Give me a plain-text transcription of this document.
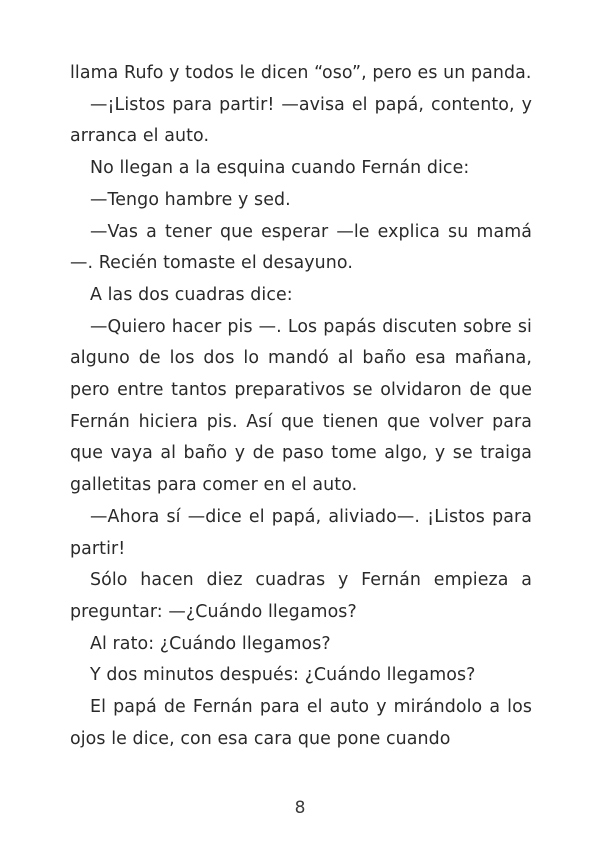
llama Rufo y todos le dicen “oso”, pero es un panda.

—¡Listos para partir! —avisa el papá, contento, y arranca el auto.

No llegan a la esquina cuando Fernán dice:

—Tengo hambre y sed.

—Vas a tener que esperar —le explica su mamá—. Recién tomaste el desayuno.

A las dos cuadras dice:

—Quiero hacer pis —. Los papás discuten sobre si alguno de los dos lo mandó al baño esa mañana, pero entre tantos preparativos se olvidaron de que Fernán hiciera pis. Así que tienen que volver para que vaya al baño y de paso tome algo, y se traiga galletitas para comer en el auto.

—Ahora sí —dice el papá, aliviado—. ¡Listos para partir!

Sólo hacen diez cuadras y Fernán empieza a preguntar: —¿Cuándo llegamos?

Al rato: ¿Cuándo llegamos?

Y dos minutos después: ¿Cuándo llegamos?

El papá de Fernán para el auto y mirándolo a los ojos le dice, con esa cara que pone cuando

8
